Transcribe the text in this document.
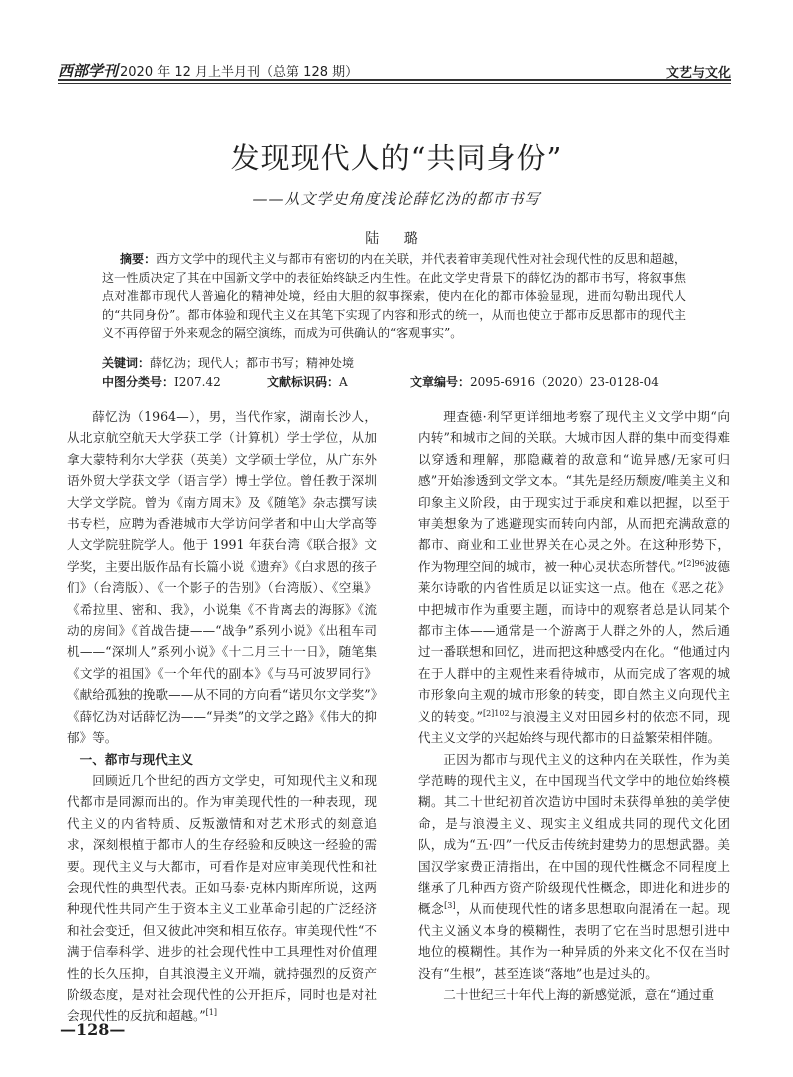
西部学刊 2020 年 12 月上半月刊（总第 128 期）	文艺与文化
发现现代人的“共同身份”
——从文学史角度浅论薛忆沩的都市书写
陆 璐
摘要：西方文学中的现代主义与都市有密切的内在关联，并代表着审美现代性对社会现代性的反思和超越，这一性质决定了其在中国新文学中的表征始终缺乏内生性。在此文学史背景下的薛忆沩的都市书写，将叙事焦点对准都市现代人普遍化的精神处境，经由大胆的叙事探索，使内在化的都市体验显现，进而勾勒出现代人的“共同身份”。都市体验和现代主义在其笔下实现了内容和形式的统一，从而也使立于都市反思都市的现代主义不再停留于外来观念的隔空演练，而成为可供确认的“客观事实”。
关键词：薛忆沩；现代人；都市书写；精神处境
中图分类号：I207.42	文献标识码：A	文章编号：2095-6916（2020）23-0128-04

薛忆沩（1964—），男，当代作家，湖南长沙人，从北京航空航天大学获工学（计算机）学士学位，从加拿大蒙特利尔大学获（英美）文学硕士学位，从广东外语外贸大学获文学（语言学）博士学位。曾任教于深圳大学文学院。曾为《南方周末》及《随笔》杂志撰写读书专栏，应聘为香港城市大学访问学者和中山大学高等人文学院驻院学人。他于 1991 年获台湾《联合报》文学奖，主要出版作品有长篇小说《遗弃》《白求恩的孩子们》（台湾版）、《一个影子的告别》（台湾版）、《空巢》《希拉里、密和、我》，小说集《不肯离去的海豚》《流动的房间》《首战告捷——“战争”系列小说》《出租车司机——“深圳人”系列小说》《十二月三十一日》，随笔集《文学的祖国》《一个年代的副本》《与马可波罗同行》《献给孤独的挽歌——从不同的方向看“诺贝尔文学奖”》《薛忆沩对话薛忆沩——“异类”的文学之路》《伟大的抑郁》等。

一、都市与现代主义

回顾近几个世纪的西方文学史，可知现代主义和现代都市是同源而出的。作为审美现代性的一种表现，现代主义的内省特质、反叛激情和对艺术形式的刻意追求，深刻根植于都市人的生存经验和反映这一经验的需要。现代主义与大都市，可看作是对应审美现代性和社会现代性的典型代表。正如马泰·克林内斯库所说，这两种现代性共同产生于资本主义工业革命引起的广泛经济和社会变迁，但又彼此冲突和相互依存。审美现代性“不满于信奉科学、进步的社会现代性中工具理性对价值理性的长久压抑，自其浪漫主义开端，就持强烈的反资产阶级态度，是对社会现代性的公开拒斥，同时也是对社会现代性的反抗和超越。”[1]

理查德·利罕更详细地考察了现代主义文学中期“向内转”和城市之间的关联。大城市因人群的集中而变得难以穿透和理解，那隐藏着的敌意和“诡异感/无家可归感”开始渗透到文学文本。“其先是经历颓废/唯美主义和印象主义阶段，由于现实过于乖戾和难以把握，以至于审美想象为了逃避现实而转向内部，从而把充满敌意的都市、商业和工业世界关在心灵之外。在这种形势下，作为物理空间的城市，被一种心灵状态所替代。”$^{[2]96}$波德莱尔诗歌的内省性质足以证实这一点。他在《恶之花》中把城市作为重要主题，而诗中的观察者总是认同某个都市主体——通常是一个游离于人群之外的人，然后通过一番联想和回忆，进而把这种感受内在化。“他通过内在于人群中的主观性来看待城市，从而完成了客观的城市形象向主观的城市形象的转变，即自然主义向现代主义的转变。”$^{[2]102}$与浪漫主义对田园乡村的依恋不同，现代主义文学的兴起始终与现代都市的日益繁荣相伴随。

正因为都市与现代主义的这种内在关联性，作为美学范畴的现代主义，在中国现当代文学中的地位始终模糊。其二十世纪初首次造访中国时未获得单独的美学使命，是与浪漫主义、现实主义组成共同的现代文化团队，成为“五·四”一代反击传统封建势力的思想武器。美国汉学家费正清指出，在中国的现代性概念不同程度上继承了几种西方资产阶级现代性概念，即进化和进步的概念[3]，从而使现代性的诸多思想取向混淆在一起。现代主义涵义本身的模糊性，表明了它在当时思想引进中地位的模糊性。其作为一种异质的外来文化不仅在当时没有“生根”，甚至连谈“落地”也是过头的。

二十世纪三十年代上海的新感觉派，意在“通过重

—128—
